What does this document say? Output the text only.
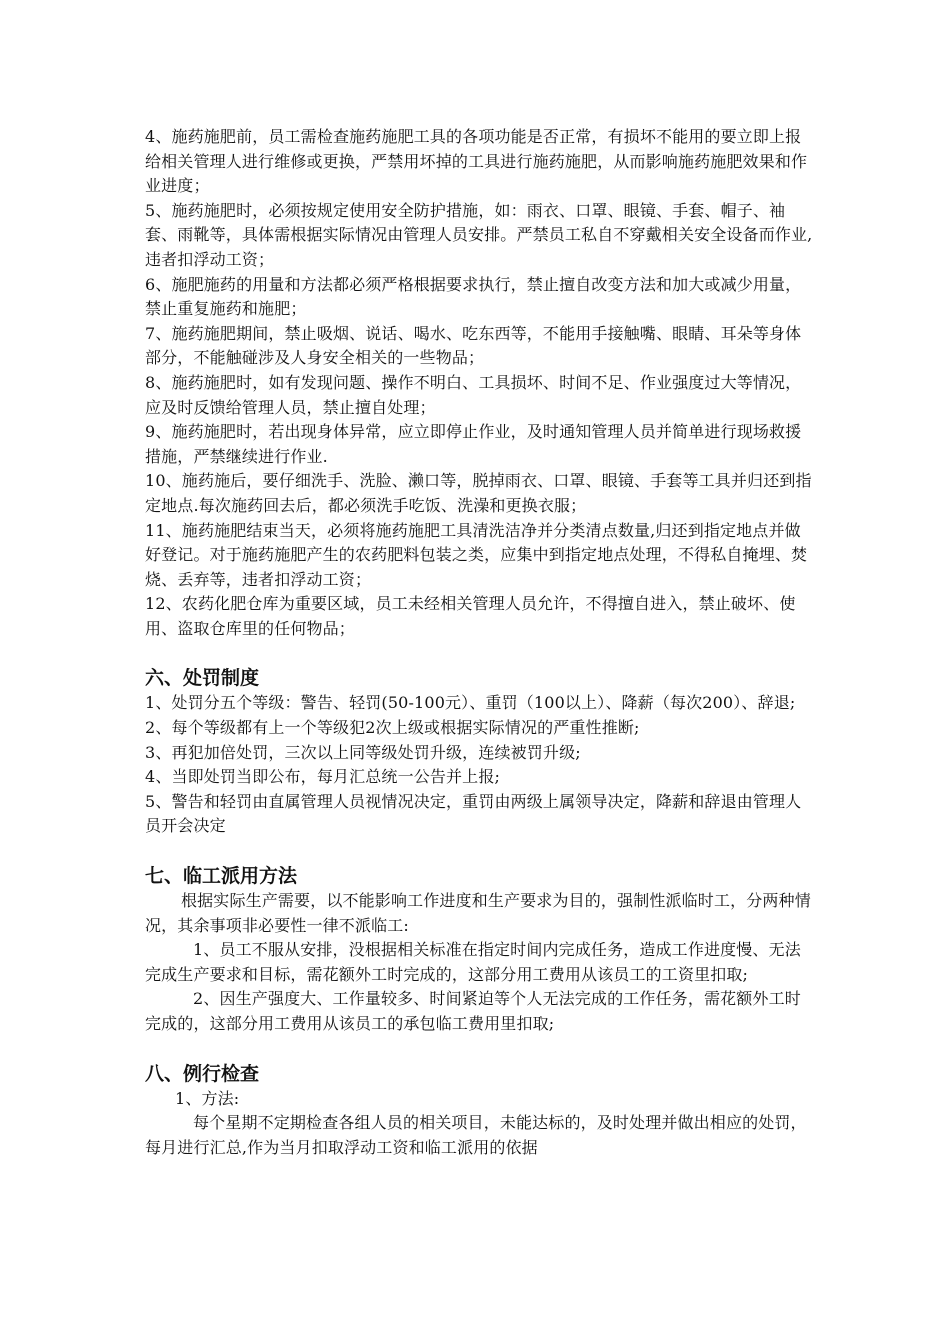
4、施药施肥前，员工需检查施药施肥工具的各项功能是否正常，有损坏不能用的要立即上报给相关管理人进行维修或更换，严禁用坏掉的工具进行施药施肥，从而影响施药施肥效果和作业进度；

5、施药施肥时，必须按规定使用安全防护措施，如：雨衣、口罩、眼镜、手套、帽子、袖套、雨靴等，具体需根据实际情况由管理人员安排。严禁员工私自不穿戴相关安全设备而作业,违者扣浮动工资；

6、施肥施药的用量和方法都必须严格根据要求执行，禁止擅自改变方法和加大或减少用量，禁止重复施药和施肥；

7、施药施肥期间，禁止吸烟、说话、喝水、吃东西等，不能用手接触嘴、眼睛、耳朵等身体部分，不能触碰涉及人身安全相关的一些物品；

8、施药施肥时，如有发现问题、操作不明白、工具损坏、时间不足、作业强度过大等情况，应及时反馈给管理人员，禁止擅自处理；

9、施药施肥时，若出现身体异常，应立即停止作业，及时通知管理人员并简单进行现场救援措施，严禁继续进行作业.

10、施药施后，要仔细洗手、洗脸、濑口等，脱掉雨衣、口罩、眼镜、手套等工具并归还到指定地点.每次施药回去后，都必须洗手吃饭、洗澡和更换衣服；

11、施药施肥结束当天，必须将施药施肥工具清洗洁净并分类清点数量,归还到指定地点并做好登记。对于施药施肥产生的农药肥料包装之类，应集中到指定地点处理，不得私自掩埋、焚烧、丢弃等，违者扣浮动工资；

12、农药化肥仓库为重要区域，员工未经相关管理人员允许，不得擅自进入，禁止破坏、使用、盗取仓库里的任何物品；

六、处罚制度

1、处罚分五个等级：警告、轻罚(50-100元）、重罚（100以上）、降薪（每次200）、辞退;

2、每个等级都有上一个等级犯2次上级或根据实际情况的严重性推断;

3、再犯加倍处罚，三次以上同等级处罚升级，连续被罚升级;

4、当即处罚当即公布，每月汇总统一公告并上报;

5、警告和轻罚由直属管理人员视情况决定，重罚由两级上属领导决定，降薪和辞退由管理人员开会决定

七、临工派用方法

根据实际生产需要，以不能影响工作进度和生产要求为目的，强制性派临时工，分两种情况，其余事项非必要性一律不派临工:

1、员工不服从安排，没根据相关标准在指定时间内完成任务，造成工作进度慢、无法完成生产要求和目标，需花额外工时完成的，这部分用工费用从该员工的工资里扣取;

2、因生产强度大、工作量较多、时间紧迫等个人无法完成的工作任务，需花额外工时完成的，这部分用工费用从该员工的承包临工费用里扣取;

八、例行检查

1、方法:

每个星期不定期检查各组人员的相关项目，未能达标的，及时处理并做出相应的处罚，每月进行汇总,作为当月扣取浮动工资和临工派用的依据
